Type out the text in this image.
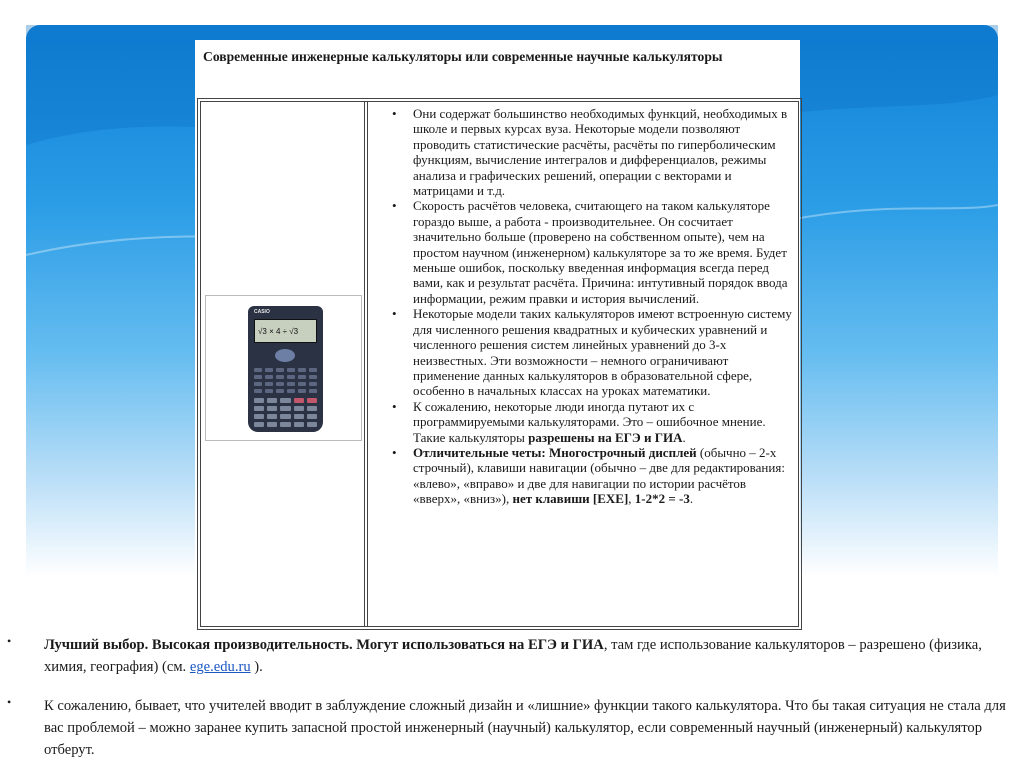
Современные инженерные калькуляторы или современные научные калькуляторы
CASIO
√3 × 4 ÷ √3
• Они содержат большинство необходимых функций, необходимых в школе и первых курсах вуза. Некоторые модели позволяют проводить статистические расчёты, расчёты по гиперболическим функциям, вычисление интегралов и дифференциалов, режимы анализа и графических решений, операции с векторами и матрицами и т.д.
• Скорость расчётов человека, считающего на таком калькуляторе гораздо выше, а работа - производительнее. Он сосчитает значительно больше (проверено на собственном опыте), чем на простом научном (инженерном) калькуляторе за то же время. Будет меньше ошибок, поскольку введенная информация всегда перед вами, как и результат расчёта. Причина: интутивный порядок ввода информации, режим правки и история вычислений.
• Некоторые модели таких калькуляторов имеют встроенную систему для численного решения квадратных и кубических уравнений и численного решения систем линейных уравнений до 3-х неизвестных. Эти возможности – немного ограничивают применение данных калькуляторов в образовательной сфере, особенно в начальных классах на уроках математики.
• К сожалению, некоторые люди иногда путают их с программируемыми калькуляторами. Это – ошибочное мнение. Такие калькуляторы разрешены на ЕГЭ и ГИА.
• Отличительные четы: Многострочный дисплей (обычно – 2-х строчный), клавиши навигации (обычно – две для редактирования: «влево», «вправо» и две для навигации по истории расчётов «вверх», «вниз»), нет клавиши [EXE], 1-2*2 = -3.
• Лучший выбор. Высокая производительность. Могут использоваться на ЕГЭ и ГИА, там где использование калькуляторов – разрешено (физика, химия, география) (см. ege.edu.ru ).
• К сожалению, бывает, что учителей вводит в заблуждение сложный дизайн и «лишние» функции такого калькулятора. Что бы такая ситуация не стала для вас проблемой – можно заранее купить запасной простой инженерный (научный) калькулятор, если современный научный (инженерный) калькулятор отберут.
